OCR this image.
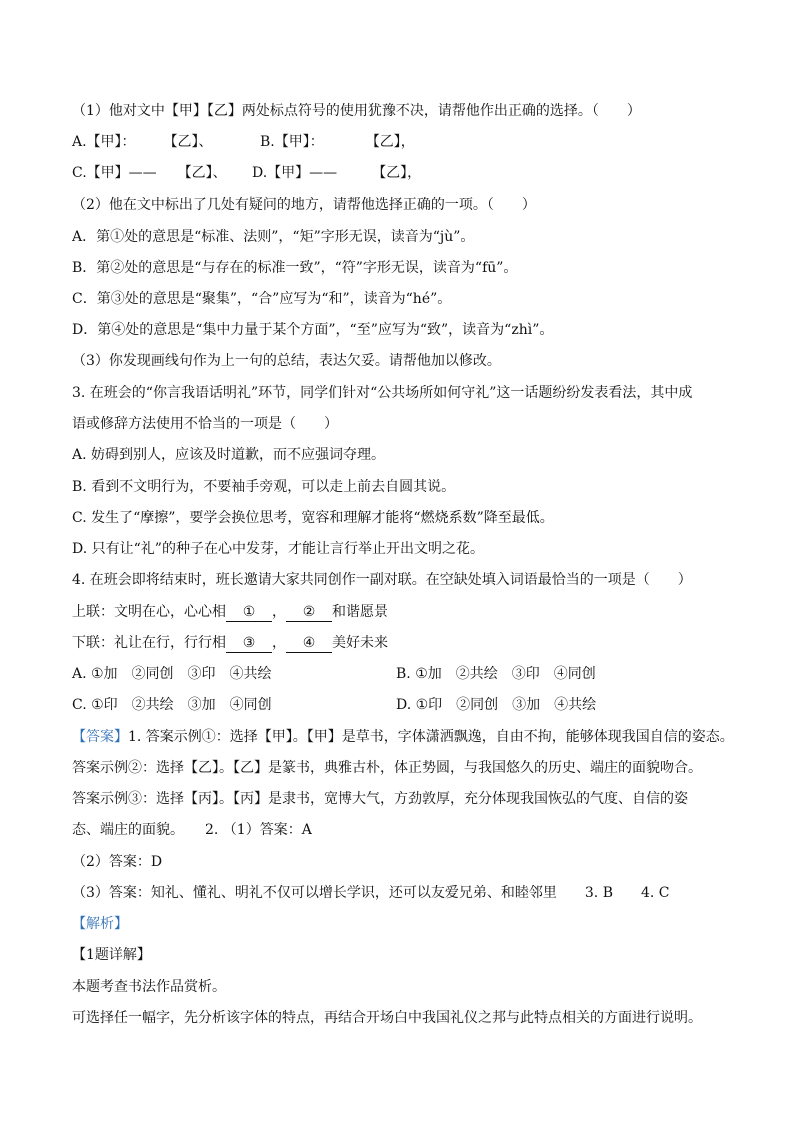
（1）他对文中【甲】【乙】两处标点符号的使用犹豫不决，请帮他作出正确的选择。（　　）
A.【甲】：　　　【乙】、	B.【甲】：　　　　【乙】，
C.【甲】——　　【乙】、 D.【甲】——　　　【乙】，
（2）他在文中标出了几处有疑问的地方，请帮他选择正确的一项。（　　）
A．第①处的意思是“标准、法则”，“矩”字形无误，读音为“jù”。
B．第②处的意思是“与存在的标准一致”，“符”字形无误，读音为“fū”。
C．第③处的意思是“聚集”，“合”应写为“和”，读音为“hé”。
D．第④处的意思是“集中力量于某个方面”，“至”应写为“致”，读音为“zhì”。
（3）你发现画线句作为上一句的总结，表达欠妥。请帮他加以修改。
3. 在班会的“你言我语话明礼”环节，同学们针对“公共场所如何守礼”这一话题纷纷发表看法，其中成
语或修辞方法使用不恰当的一项是（　　）
A. 妨碍到别人，应该及时道歉，而不应强词夺理。
B. 看到不文明行为，不要袖手旁观，可以走上前去自圆其说。
C. 发生了“摩擦”，要学会换位思考，宽容和理解才能将“燃烧系数”降至最低。
D. 只有让“礼”的种子在心中发芽，才能让言行举止开出文明之花。
4. 在班会即将结束时，班长邀请大家共同创作一副对联。在空缺处填入词语最恰当的一项是（　　）
上联：文明在心，心心相 ① ， ② 和谐愿景
下联：礼让在行，行行相 ③ ， ④ 美好未来
A. ①加　②同创　③印　④共绘	B. ①加　②共绘　③印　④同创
C. ①印　②共绘　③加　④同创	D. ①印　②同创　③加　④共绘
【答案】1. 答案示例①：选择【甲】。【甲】是草书，字体潇洒飘逸，自由不拘，能够体现我国自信的姿态。
答案示例②：选择【乙】。【乙】是篆书，典雅古朴，体正势圆，与我国悠久的历史、端庄的面貌吻合。
答案示例③：选择【丙】。【丙】是隶书，宽博大气，方劲敦厚，充分体现我国恢弘的气度、自信的姿
态、端庄的面貌。　　2. （1）答案：A
（2）答案：D
（3）答案：知礼、懂礼、明礼不仅可以增长学识，还可以友爱兄弟、和睦邻里　　3. B　　4. C
【解析】
【1题详解】
本题考查书法作品赏析。
可选择任一幅字，先分析该字体的特点，再结合开场白中我国礼仪之邦与此特点相关的方面进行说明。
